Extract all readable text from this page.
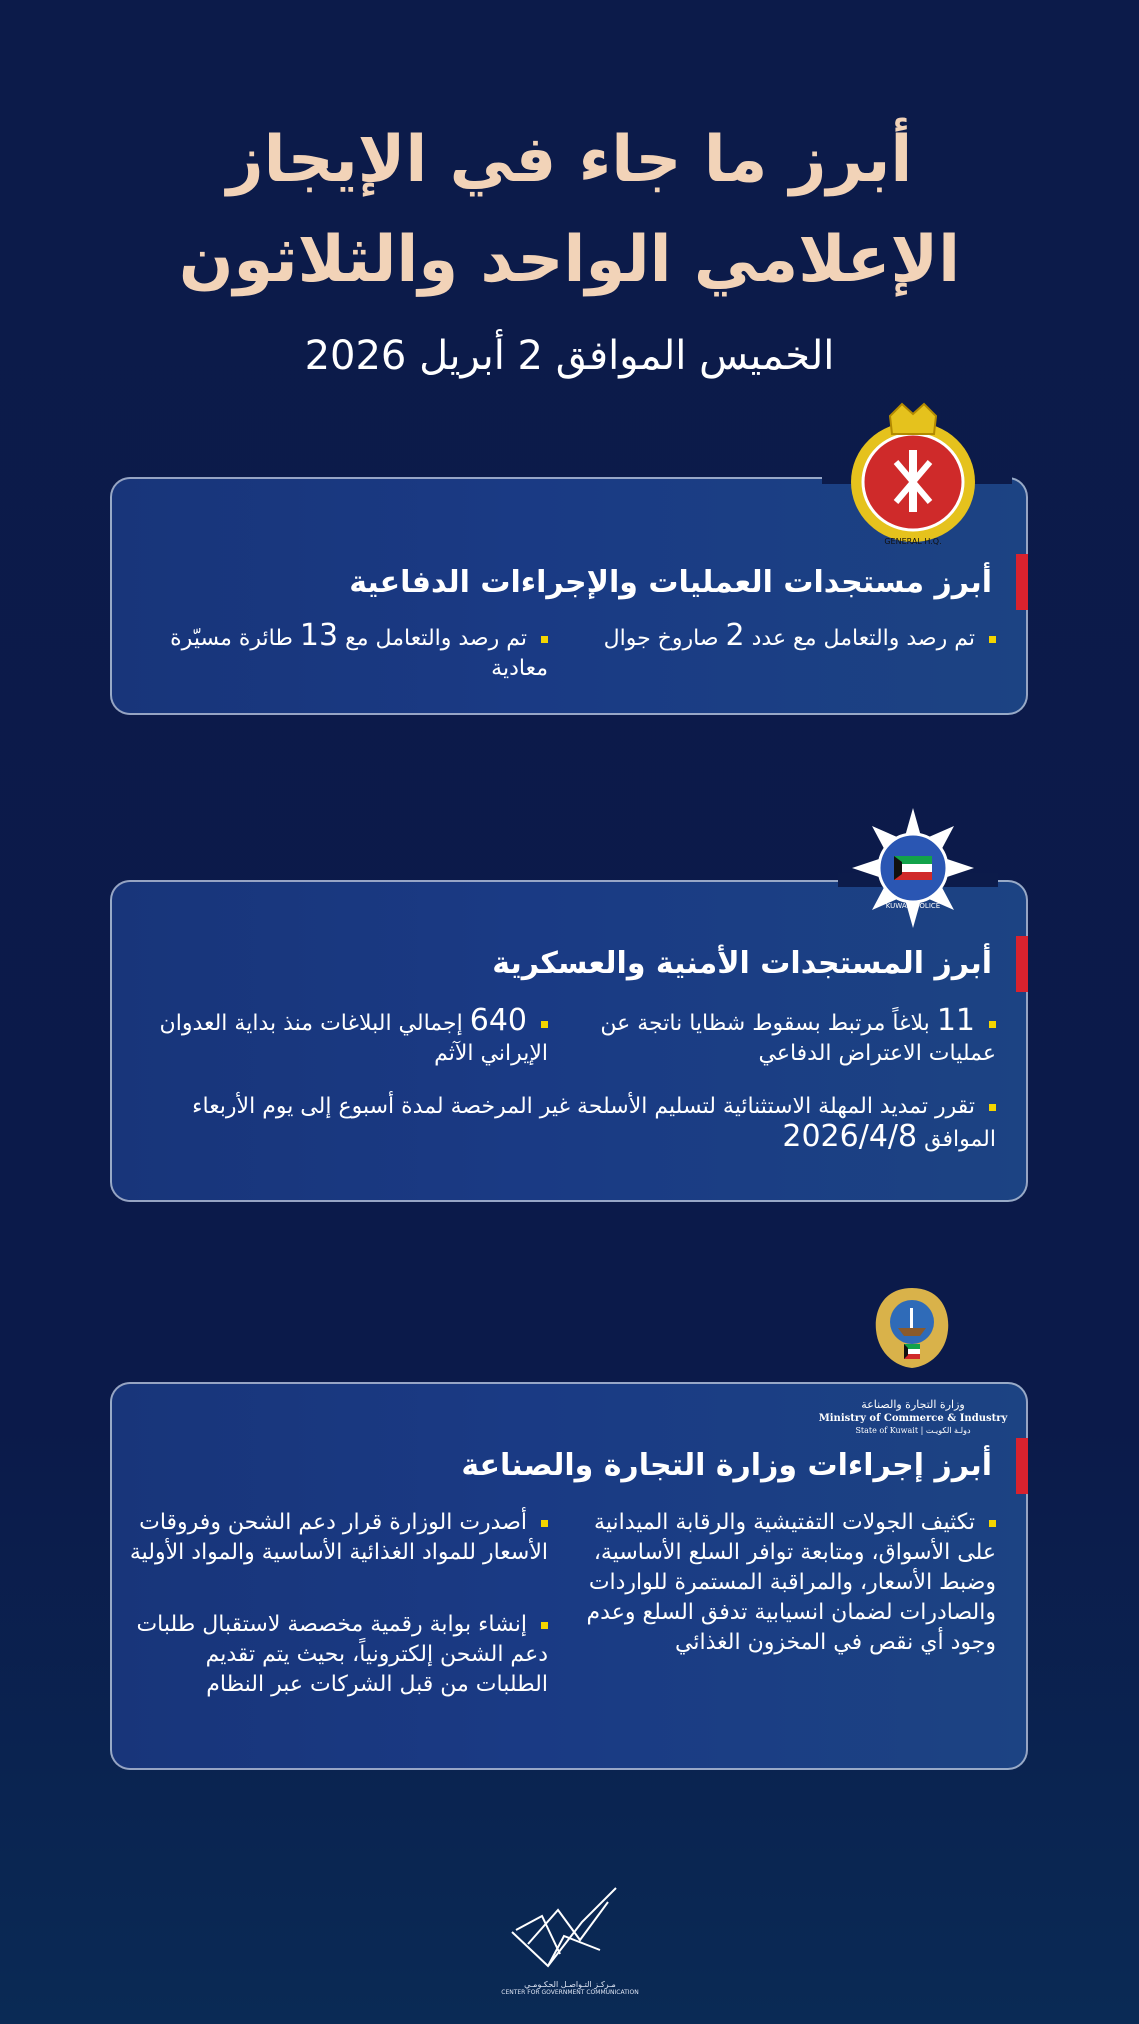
أبرز ما جاء في الإيجاز
الإعلامي الواحد والثلاثون
الخميس الموافق 2 أبريل 2026
أبرز مستجدات العمليات والإجراءات الدفاعية
تم رصد والتعامل مع عدد 2 صاروخ جوال
تم رصد والتعامل مع 13 طائرة مسيّرة معادية
GENERAL H.Q.
أبرز المستجدات الأمنية والعسكرية
11 بلاغاً مرتبط بسقوط شظايا ناتجة عن عمليات الاعتراض الدفاعي
640 إجمالي البلاغات منذ بداية العدوان الإيراني الآثم
تقرر تمديد المهلة الاستثنائية لتسليم الأسلحة غير المرخصة لمدة أسبوع إلى يوم الأربعاء الموافق 2026/4/8
KUWAIT POLICE
أبرز إجراءات وزارة التجارة والصناعة
تكثيف الجولات التفتيشية والرقابة الميدانية على الأسواق، ومتابعة توافر السلع الأساسية، وضبط الأسعار، والمراقبة المستمرة للواردات والصادرات لضمان انسيابية تدفق السلع وعدم وجود أي نقص في المخزون الغذائي
أصدرت الوزارة قرار دعم الشحن وفروقات الأسعار للمواد الغذائية الأساسية والمواد الأولية
إنشاء بوابة رقمية مخصصة لاستقبال طلبات دعم الشحن إلكترونياً، بحيث يتم تقديم الطلبات من قبل الشركات عبر النظام
وزارة التجارة والصناعة
Ministry of Commerce & Industry
State of Kuwait | دولـة الكويـت
مـركـز التـواصـل الحكـومـي
CENTER FOR GOVERNMENT COMMUNICATION
